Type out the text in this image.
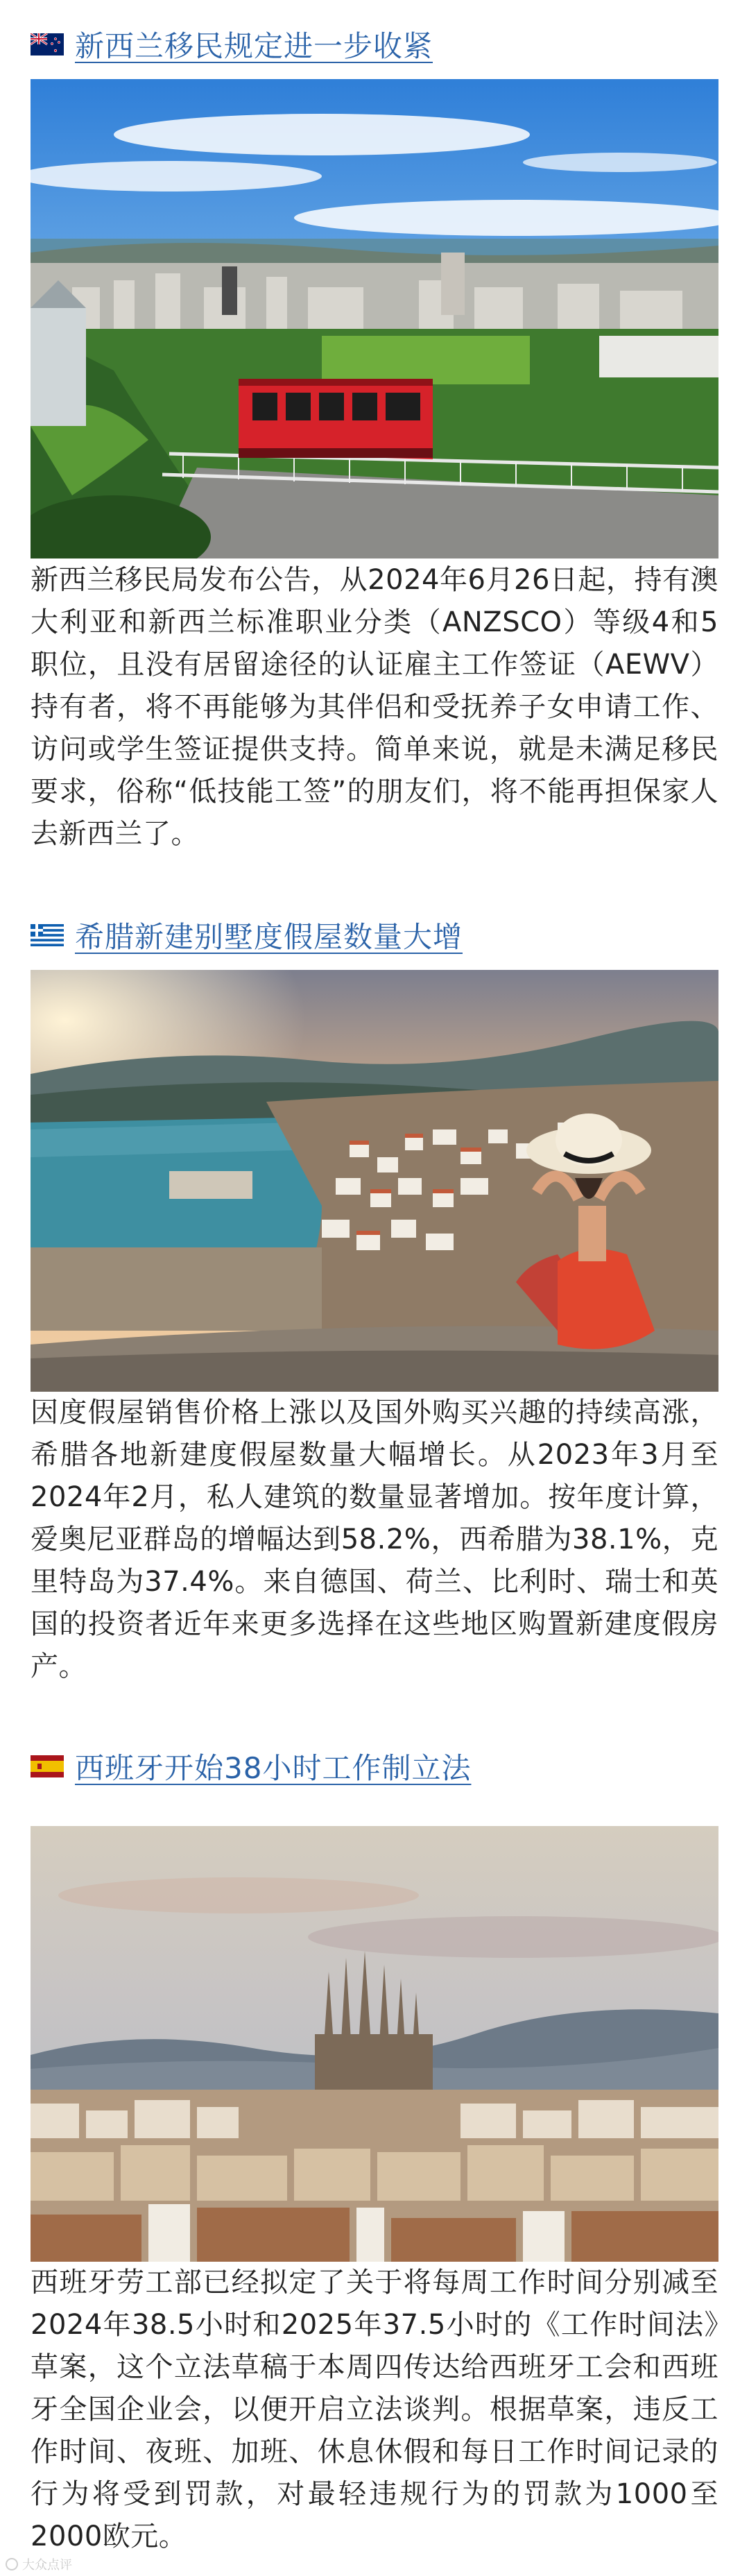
新西兰移民规定进一步收紧
新西兰移民局发布公告，从2024年6月26日起，持有澳大利亚和新西兰标准职业分类（ANZSCO）等级4和5职位，且没有居留途径的认证雇主工作签证（AEWV）持有者，将不再能够为其伴侣和受抚养子女申请工作、访问或学生签证提供支持。简单来说，就是未满足移民要求，俗称“低技能工签”的朋友们，将不能再担保家人去新西兰了。
希腊新建别墅度假屋数量大增
因度假屋销售价格上涨以及国外购买兴趣的持续高涨，希腊各地新建度假屋数量大幅增长。从2023年3月至2024年2月，私人建筑的数量显著增加。按年度计算，爱奥尼亚群岛的增幅达到58.2%，西希腊为38.1%，克里特岛为37.4%。来自德国、荷兰、比利时、瑞士和英国的投资者近年来更多选择在这些地区购置新建度假房产。
西班牙开始38小时工作制立法
西班牙劳工部已经拟定了关于将每周工作时间分别减至2024年38.5小时和2025年37.5小时的《工作时间法》草案，这个立法草稿于本周四传达给西班牙工会和西班牙全国企业会，以便开启立法谈判。根据草案，违反工作时间、夜班、加班、休息休假和每日工作时间记录的行为将受到罚款，对最轻违规行为的罚款为1000至2000欧元。
大众点评
